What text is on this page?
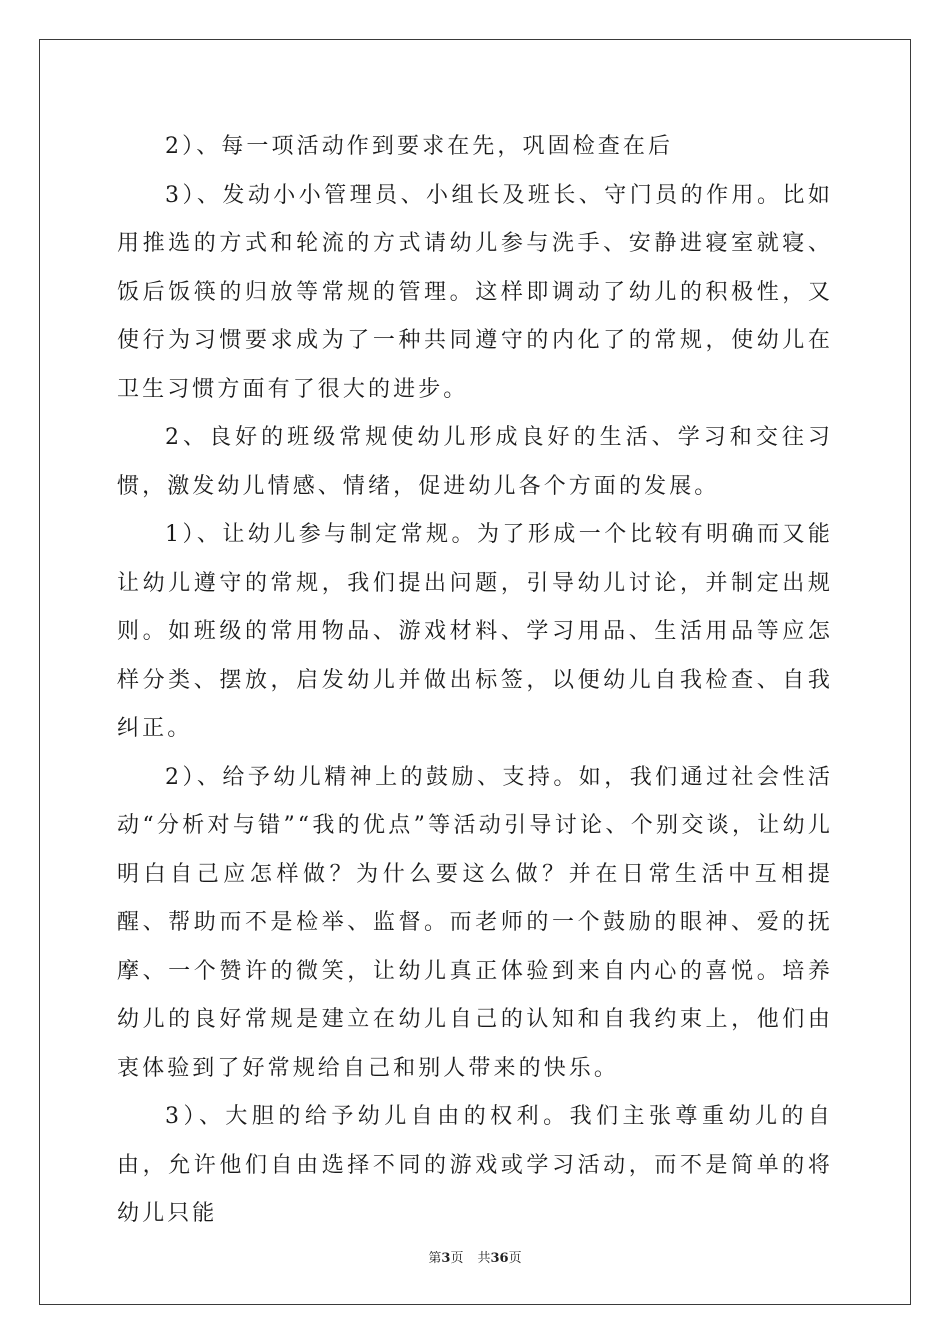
2）、每一项活动作到要求在先，巩固检查在后

3）、发动小小管理员、小组长及班长、守门员的作用。比如用推选的方式和轮流的方式请幼儿参与洗手、安静进寝室就寝、饭后饭筷的归放等常规的管理。这样即调动了幼儿的积极性，又使行为习惯要求成为了一种共同遵守的内化了的常规，使幼儿在卫生习惯方面有了很大的进步。

2、良好的班级常规使幼儿形成良好的生活、学习和交往习惯，激发幼儿情感、情绪，促进幼儿各个方面的发展。

1）、让幼儿参与制定常规。为了形成一个比较有明确而又能让幼儿遵守的常规，我们提出问题，引导幼儿讨论，并制定出规则。如班级的常用物品、游戏材料、学习用品、生活用品等应怎样分类、摆放，启发幼儿并做出标签，以便幼儿自我检查、自我纠正。

2）、给予幼儿精神上的鼓励、支持。如，我们通过社会性活动“分析对与错”“我的优点”等活动引导讨论、个别交谈，让幼儿明白自己应怎样做？为什么要这么做？并在日常生活中互相提醒、帮助而不是检举、监督。而老师的一个鼓励的眼神、爱的抚摩、一个赞许的微笑，让幼儿真正体验到来自内心的喜悦。培养幼儿的良好常规是建立在幼儿自己的认知和自我约束上，他们由衷体验到了好常规给自己和别人带来的快乐。

3）、大胆的给予幼儿自由的权利。我们主张尊重幼儿的自由，允许他们自由选择不同的游戏或学习活动，而不是简单的将幼儿只能

第3页 共36页
